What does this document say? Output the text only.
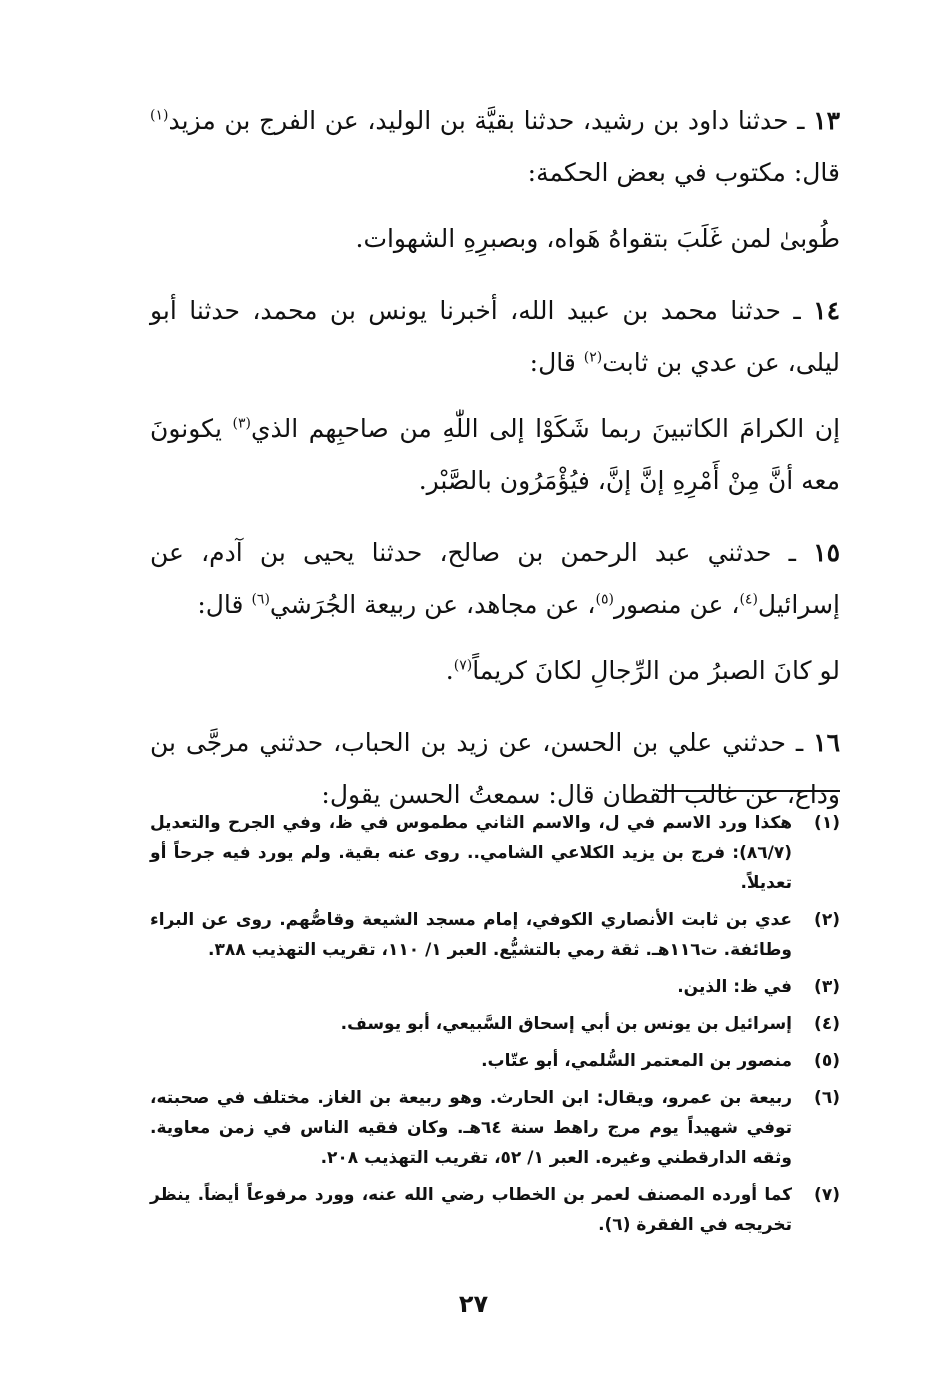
١٣ ـ حدثنا داود بن رشيد، حدثنا بقيَّة بن الوليد، عن الفرج بن مزيد$^{(١)}$ قال: مكتوب في بعض الحكمة:

طُوبىٰ لمن غَلَبَ بتقواهُ هَواه، وبصبرِهِ الشهوات.

١٤ ـ حدثنا محمد بن عبيد الله، أخبرنا يونس بن محمد، حدثنا أبو ليلى، عن عدي بن ثابت$^{(٢)}$ قال:

إن الكرامَ الكاتبينَ ربما شَكَوْا إلى اللّٰهِ من صاحبِهم الذي$^{(٣)}$ يكونونَ معه أنَّ مِنْ أَمْرِهِ إنَّ إنَّ، فيُؤْمَرُون بالصَّبْر.

١٥ ـ حدثني عبد الرحمن بن صالح، حدثنا يحيى بن آدم، عن إسرائيل$^{(٤)}$، عن منصور$^{(٥)}$، عن مجاهد، عن ربيعة الجُرَشي$^{(٦)}$ قال:

لو كانَ الصبرُ من الرِّجالِ لكانَ كريماً$^{(٧)}$.

١٦ ـ حدثني علي بن الحسن، عن زيد بن الحباب، حدثني مرجَّى بن وداع، عن غالب القطان قال: سمعتُ الحسن يقول:

(١)
هكذا ورد الاسم في ل، والاسم الثاني مطموس في ظ، وفي الجرح والتعديل (٨٦/٧): فرج بن يزيد الكلاعي الشامي.. روى عنه بقية. ولم يورد فيه جرحاً أو تعديلاً.
(٢)
عدي بن ثابت الأنصاري الكوفي، إمام مسجد الشيعة وقاصُّهم. روى عن البراء وطائفة. ت١١٦هـ. ثقة رمي بالتشيُّع. العبر ١/ ١١٠، تقريب التهذيب ٣٨٨.
(٣)
في ظ: الذين.
(٤)
إسرائيل بن يونس بن أبي إسحاق السَّبيعي، أبو يوسف.
(٥)
منصور بن المعتمر السُّلمي، أبو عتّاب.
(٦)
ربيعة بن عمرو، ويقال: ابن الحارث. وهو ربيعة بن الغاز. مختلف في صحبته، توفي شهيداً يوم مرج راهط سنة ٦٤هـ. وكان فقيه الناس في زمن معاوية. وثقه الدارقطني وغيره. العبر ١/ ٥٢، تقريب التهذيب ٢٠٨.
(٧)
كما أورده المصنف لعمر بن الخطاب رضي الله عنه، وورد مرفوعاً أيضاً. ينظر تخريجه في الفقرة (٦).
٢٧
